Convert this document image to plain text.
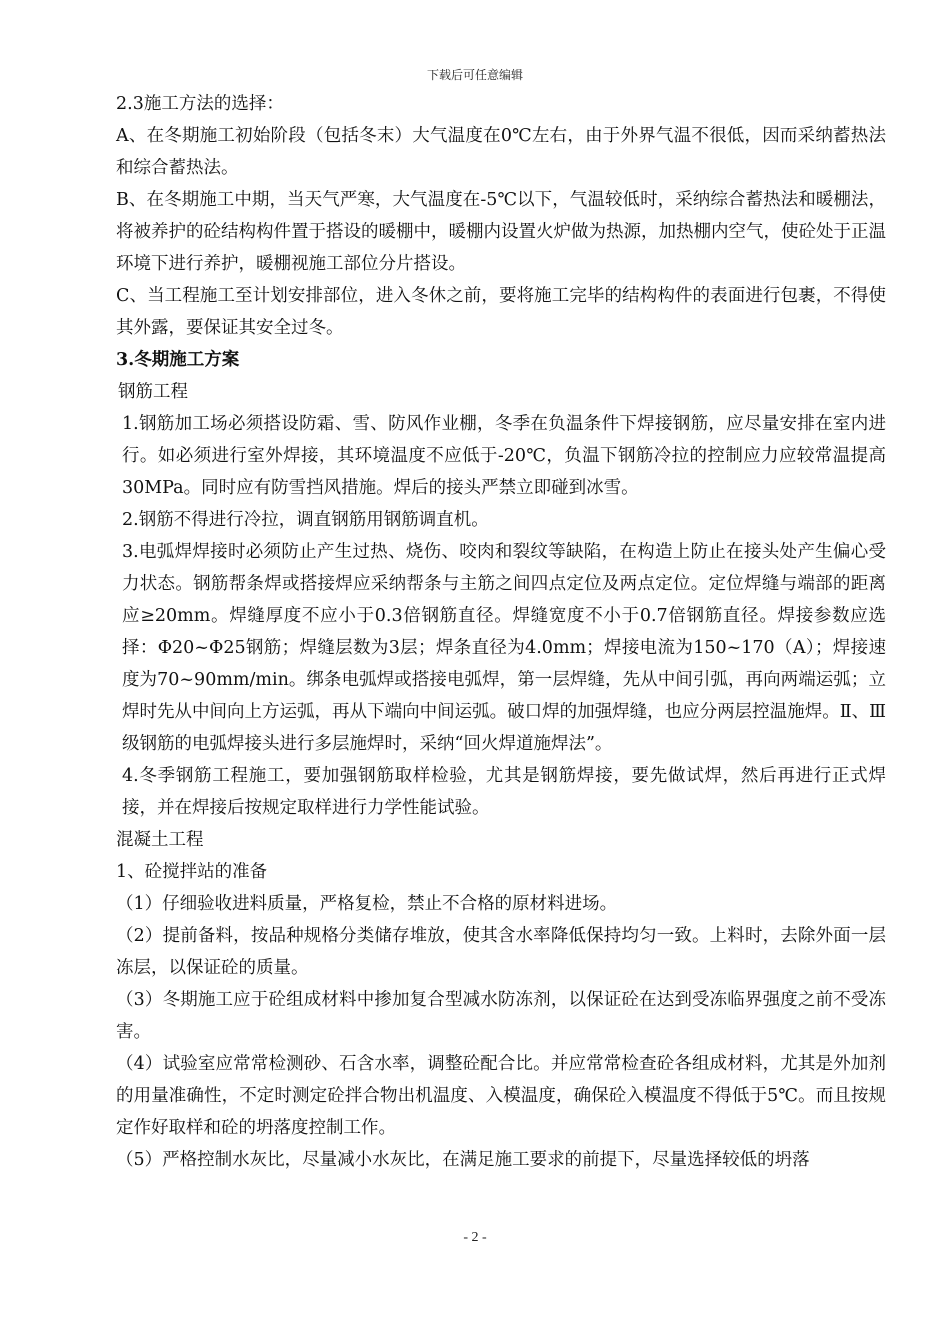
下载后可任意编辑

2.3施工方法的选择：

A、在冬期施工初始阶段（包括冬末）大气温度在0℃左右，由于外界气温不很低，因而采纳蓄热法和综合蓄热法。

B、在冬期施工中期，当天气严寒，大气温度在-5℃以下，气温较低时，采纳综合蓄热法和暖棚法，将被养护的砼结构构件置于搭设的暖棚中，暖棚内设置火炉做为热源，加热棚内空气，使砼处于正温环境下进行养护，暖棚视施工部位分片搭设。

C、当工程施工至计划安排部位，进入冬休之前，要将施工完毕的结构构件的表面进行包裹，不得使其外露，要保证其安全过冬。

3.冬期施工方案

钢筋工程

1.钢筋加工场必须搭设防霜、雪、防风作业棚，冬季在负温条件下焊接钢筋，应尽量安排在室内进行。如必须进行室外焊接，其环境温度不应低于-20℃，负温下钢筋冷拉的控制应力应较常温提高30MPa。同时应有防雪挡风措施。焊后的接头严禁立即碰到冰雪。

2.钢筋不得进行冷拉，调直钢筋用钢筋调直机。

3.电弧焊焊接时必须防止产生过热、烧伤、咬肉和裂纹等缺陷，在构造上防止在接头处产生偏心受力状态。钢筋帮条焊或搭接焊应采纳帮条与主筋之间四点定位及两点定位。定位焊缝与端部的距离应≥20mm。焊缝厚度不应小于0.3倍钢筋直径。焊缝宽度不小于0.7倍钢筋直径。焊接参数应选择：Φ20~Φ25钢筋；焊缝层数为3层；焊条直径为4.0mm；焊接电流为150~170（A）；焊接速度为70~90mm/min。绑条电弧焊或搭接电弧焊，第一层焊缝，先从中间引弧，再向两端运弧；立焊时先从中间向上方运弧，再从下端向中间运弧。破口焊的加强焊缝，也应分两层控温施焊。Ⅱ、Ⅲ级钢筋的电弧焊接头进行多层施焊时，采纳“回火焊道施焊法”。

4.冬季钢筋工程施工，要加强钢筋取样检验，尤其是钢筋焊接，要先做试焊，然后再进行正式焊接，并在焊接后按规定取样进行力学性能试验。

混凝土工程

1、砼搅拌站的准备

（1）仔细验收进料质量，严格复检，禁止不合格的原材料进场。

（2）提前备料，按品种规格分类储存堆放，使其含水率降低保持均匀一致。上料时，去除外面一层冻层，以保证砼的质量。

（3）冬期施工应于砼组成材料中掺加复合型减水防冻剂，以保证砼在达到受冻临界强度之前不受冻害。

（4）试验室应常常检测砂、石含水率，调整砼配合比。并应常常检查砼各组成材料，尤其是外加剂的用量准确性，不定时测定砼拌合物出机温度、入模温度，确保砼入模温度不得低于5℃。而且按规定作好取样和砼的坍落度控制工作。

（5）严格控制水灰比，尽量减小水灰比，在满足施工要求的前提下，尽量选择较低的坍落

- 2 -
